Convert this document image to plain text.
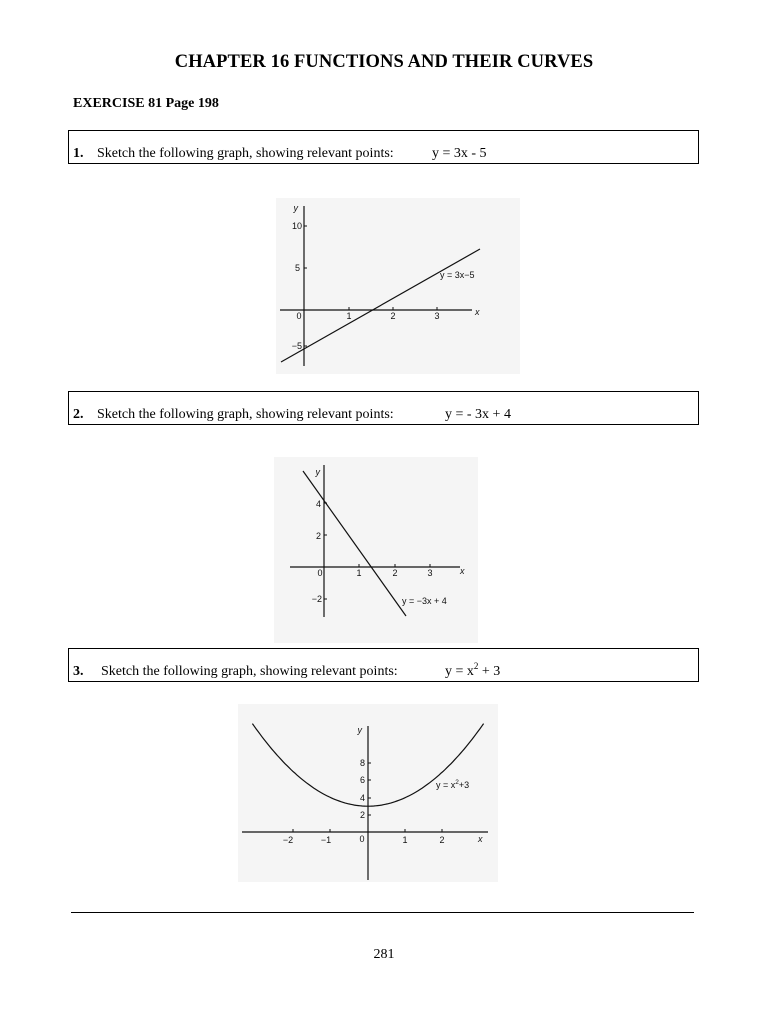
CHAPTER 16 FUNCTIONS AND THEIR CURVES
EXERCISE 81 Page 198
1. Sketch the following graph, showing relevant points:	y = 3x - 5
y
x
10
5
−5
0	1	2	3
y = 3x−5
2. Sketch the following graph, showing relevant points:	y = - 3x + 4
y
x
4
2
−2
0	1	2	3
y = −3x + 4
3. Sketch the following graph, showing relevant points:	$y = x^2 + 3$
y
x
8
6
4
2
−2	−1	0	1	2
$y = x^2+3$
281
